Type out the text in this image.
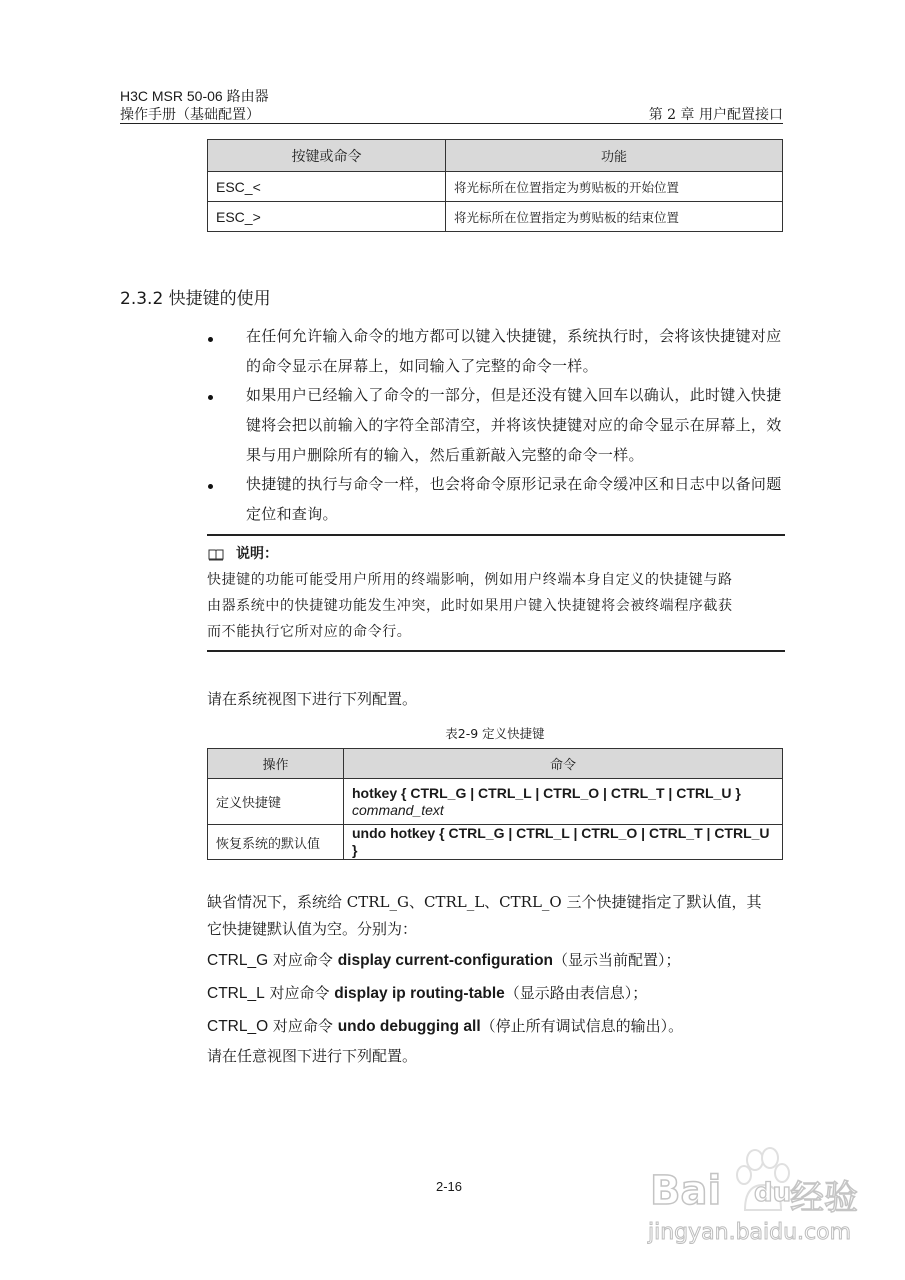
H3C MSR 50-06 路由器
操作手册（基础配置）	第 2 章 用户配置接口
按键或命令	功能
ESC_<	将光标所在位置指定为剪贴板的开始位置
ESC_>	将光标所在位置指定为剪贴板的结束位置
2.3.2 快捷键的使用
在任何允许输入命令的地方都可以键入快捷键，系统执行时，会将该快捷键对应的命令显示在屏幕上，如同输入了完整的命令一样。
如果用户已经输入了命令的一部分，但是还没有键入回车以确认，此时键入快捷键将会把以前输入的字符全部清空，并将该快捷键对应的命令显示在屏幕上，效果与用户删除所有的输入，然后重新敲入完整的命令一样。
快捷键的执行与命令一样，也会将命令原形记录在命令缓冲区和日志中以备问题定位和查询。
说明：
快捷键的功能可能受用户所用的终端影响，例如用户终端本身自定义的快捷键与路
由器系统中的快捷键功能发生冲突，此时如果用户键入快捷键将会被终端程序截获
而不能执行它所对应的命令行。
请在系统视图下进行下列配置。
表2-9 定义快捷键
操作	命令
定义快捷键	hotkey { CTRL_G | CTRL_L | CTRL_O | CTRL_T | CTRL_U }
command_text
恢复系统的默认值	undo hotkey { CTRL_G | CTRL_L | CTRL_O | CTRL_T | CTRL_U }
缺省情况下，系统给 CTRL_G、CTRL_L、CTRL_O 三个快捷键指定了默认值，其
它快捷键默认值为空。分别为：
CTRL_G 对应命令 display current-configuration（显示当前配置）；
CTRL_L 对应命令 display ip routing-table（显示路由表信息）；
CTRL_O 对应命令 undo debugging all（停止所有调试信息的输出）。
请在任意视图下进行下列配置。
2-16	Bai du
经验
jingyan.baidu.com
